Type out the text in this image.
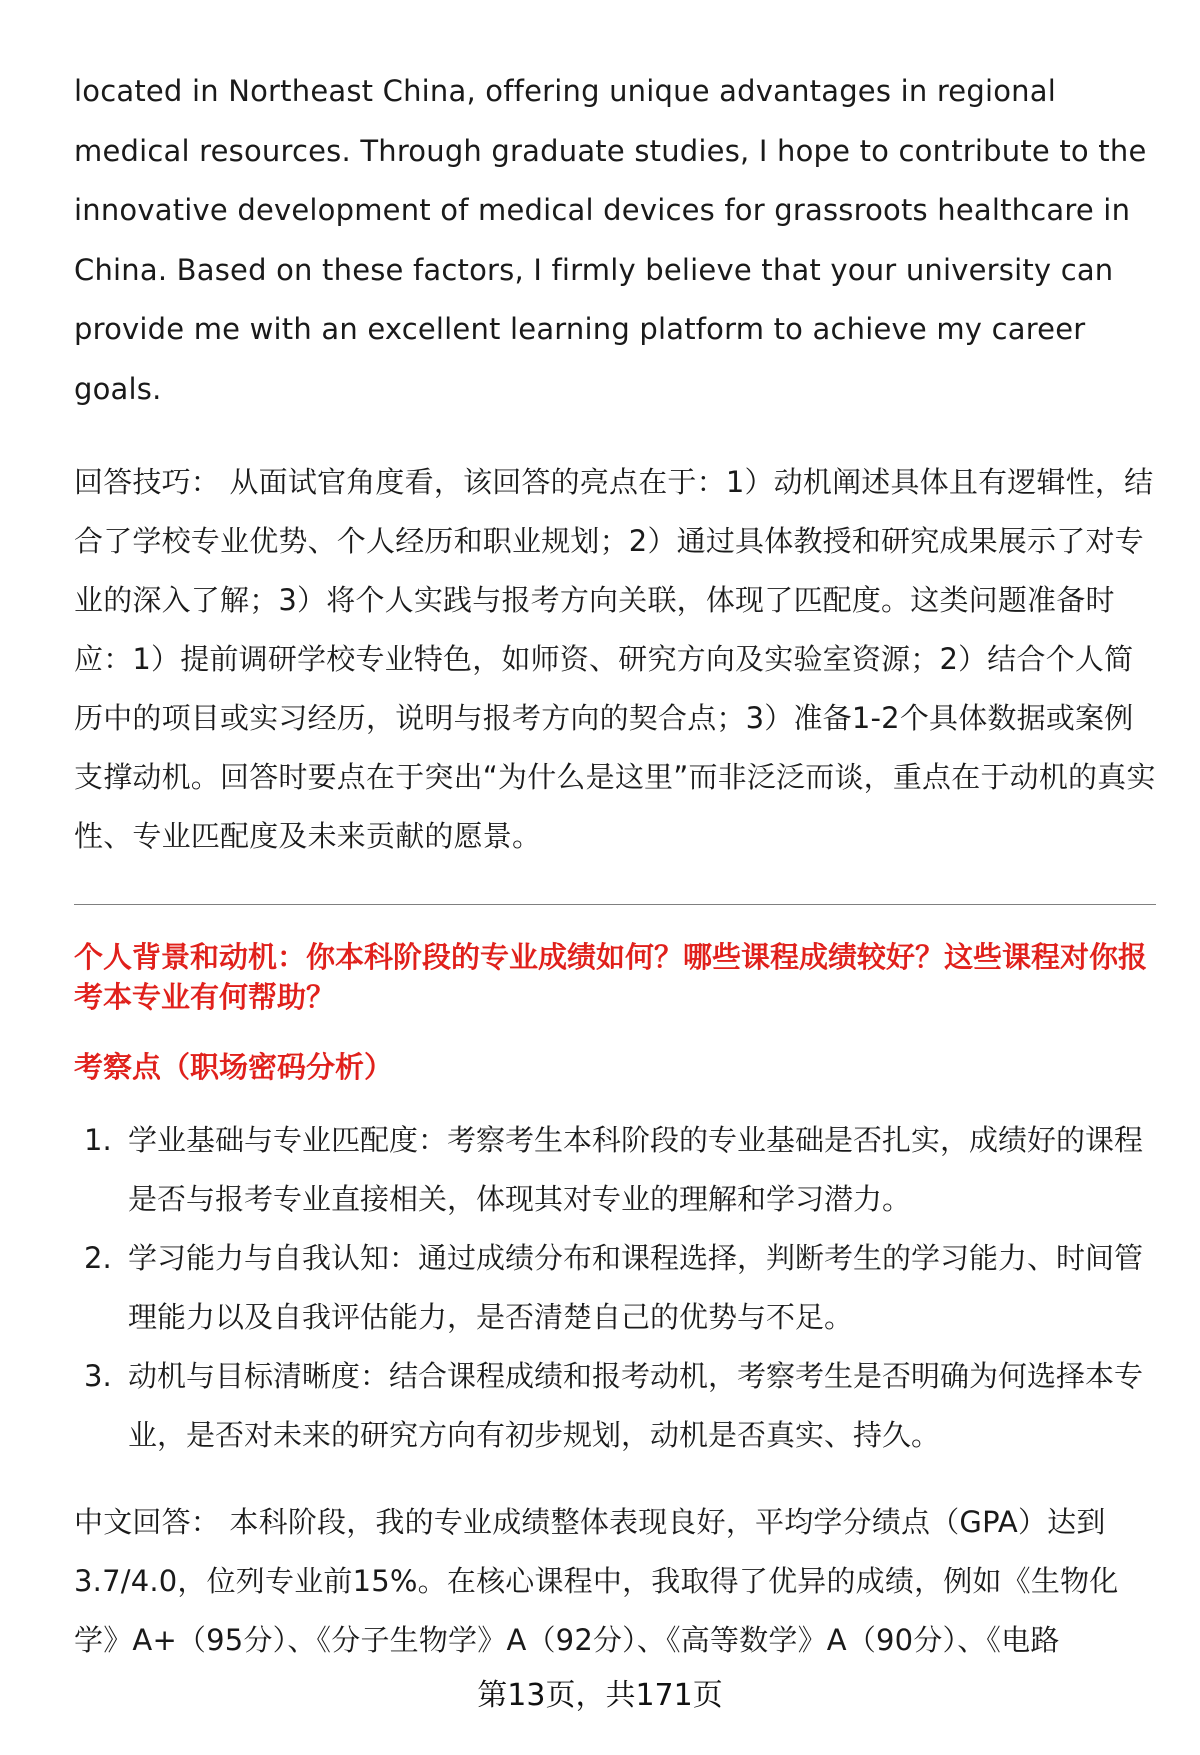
located in Northeast China, offering unique advantages in regional medical resources. Through graduate studies, I hope to contribute to the innovative development of medical devices for grassroots healthcare in China. Based on these factors, I firmly believe that your university can provide me with an excellent learning platform to achieve my career goals.

回答技巧： 从面试官角度看，该回答的亮点在于：1）动机阐述具体且有逻辑性，结合了学校专业优势、个人经历和职业规划；2）通过具体教授和研究成果展示了对专业的深入了解；3）将个人实践与报考方向关联，体现了匹配度。这类问题准备时应：1）提前调研学校专业特色，如师资、研究方向及实验室资源；2）结合个人简历中的项目或实习经历，说明与报考方向的契合点；3）准备1-2个具体数据或案例支撑动机。回答时要点在于突出“为什么是这里”而非泛泛而谈，重点在于动机的真实性、专业匹配度及未来贡献的愿景。

个人背景和动机：你本科阶段的专业成绩如何？哪些课程成绩较好？这些课程对你报考本专业有何帮助？

考察点（职场密码分析）

1. 学业基础与专业匹配度：考察考生本科阶段的专业基础是否扎实，成绩好的课程是否与报考专业直接相关，体现其对专业的理解和学习潜力。
2. 学习能力与自我认知：通过成绩分布和课程选择，判断考生的学习能力、时间管理能力以及自我评估能力，是否清楚自己的优势与不足。
3. 动机与目标清晰度：结合课程成绩和报考动机，考察考生是否明确为何选择本专业，是否对未来的研究方向有初步规划，动机是否真实、持久。

中文回答： 本科阶段，我的专业成绩整体表现良好，平均学分绩点（GPA）达到3.7/4.0，位列专业前15%。在核心课程中，我取得了优异的成绩，例如《生物化学》A+（95分）、《分子生物学》A（92分）、《高等数学》A（90分）、《电路

第13页，共171页
